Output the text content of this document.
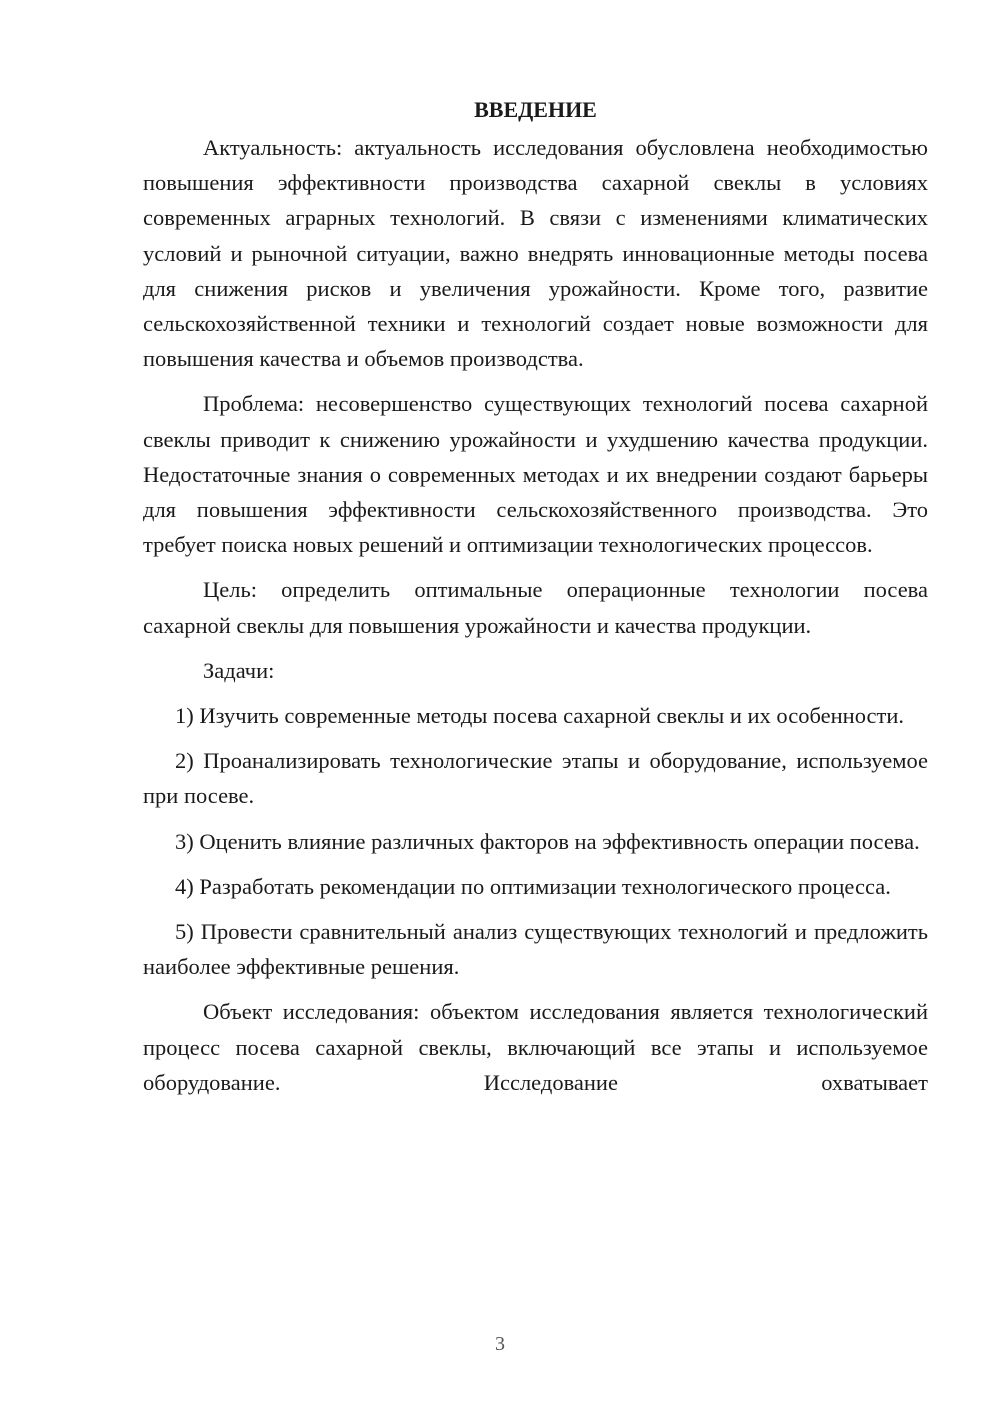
ВВЕДЕНИЕ

Актуальность: актуальность исследования обусловлена необходимостью повышения эффективности производства сахарной свеклы в условиях современных аграрных технологий. В связи с изменениями климатических условий и рыночной ситуации, важно внедрять инновационные методы посева для снижения рисков и увеличения урожайности. Кроме того, развитие сельскохозяйственной техники и технологий создает новые возможности для повышения качества и объемов производства.

Проблема: несовершенство существующих технологий посева сахарной свеклы приводит к снижению урожайности и ухудшению качества продукции. Недостаточные знания о современных методах и их внедрении создают барьеры для повышения эффективности сельскохозяйственного производства. Это требует поиска новых решений и оптимизации технологических процессов.

Цель: определить оптимальные операционные технологии посева сахарной свеклы для повышения урожайности и качества продукции.

Задачи:

1) Изучить современные методы посева сахарной свеклы и их особенности.

2) Проанализировать технологические этапы и оборудование, используемое при посеве.

3) Оценить влияние различных факторов на эффективность операции посева.

4) Разработать рекомендации по оптимизации технологического процесса.

5) Провести сравнительный анализ существующих технологий и предложить наиболее эффективные решения.

Объект исследования: объектом исследования является технологический процесс посева сахарной свеклы, включающий все этапы и используемое оборудование. Исследование охватывает

3
